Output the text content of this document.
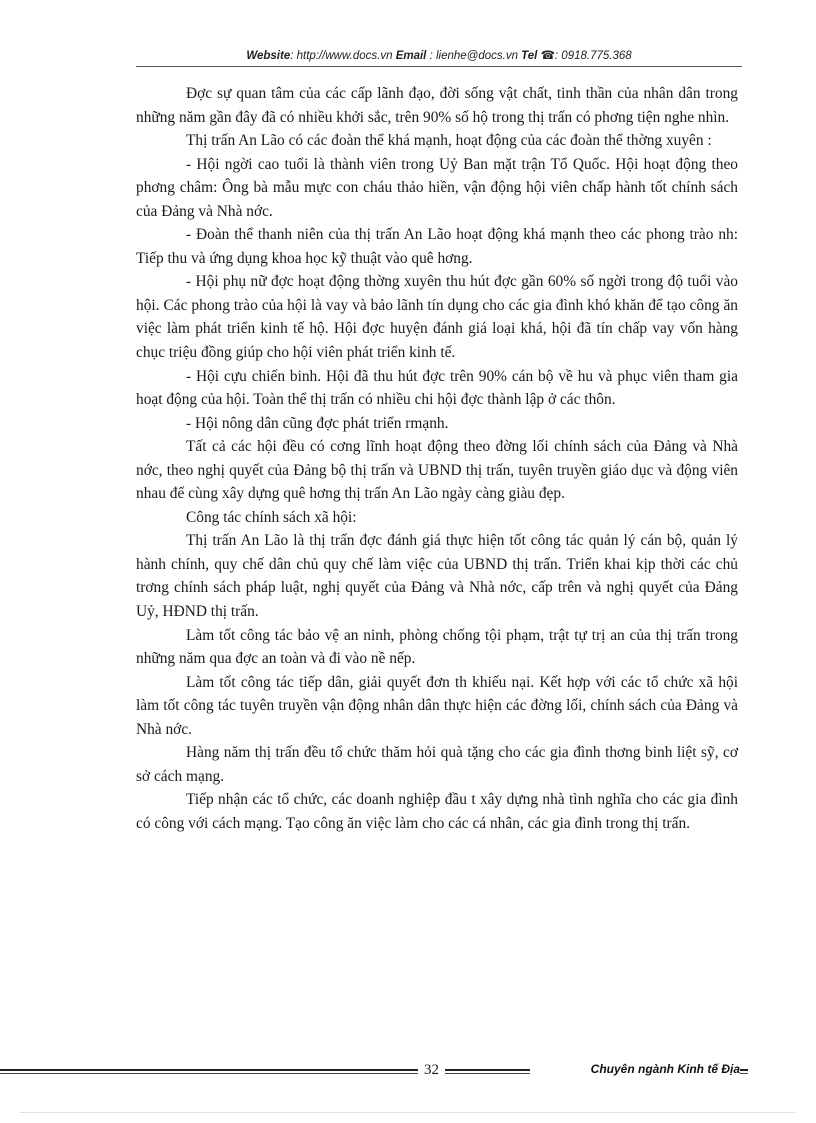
Website: http://www.docs.vn Email : lienhe@docs.vn Tel ☎: 0918.775.368

Đợc sự quan tâm của các cấp lãnh đạo, đời sống vật chất, tinh thần của nhân dân trong những năm gần đây đã có nhiều khởi sắc, trên 90% số hộ trong thị trấn có phơng tiện nghe nhìn.

Thị trấn An Lão có các đoàn thể khá mạnh, hoạt động của các đoàn thể thờng xuyên :

- Hội ngời cao tuổi là thành viên trong Uỷ Ban mặt trận Tổ Quốc. Hội hoạt động theo phơng châm: Ông bà mẫu mực con cháu thảo hiền, vận động hội viên chấp hành tốt chính sách của Đảng và Nhà nớc.

- Đoàn thể thanh niên của thị trấn An Lão hoạt động khá mạnh theo các phong trào nh: Tiếp thu và ứng dụng khoa học kỹ thuật vào quê hơng.

- Hội phụ nữ đợc hoạt động thờng xuyên thu hút đợc gần 60% số ngời trong độ tuổi vào hội. Các phong trào của hội là vay và bảo lãnh tín dụng cho các gia đình khó khăn để tạo công ăn việc làm phát triển kinh tế hộ. Hội đợc huyện đánh giá loại khá, hội đã tín chấp vay vốn hàng chục triệu đồng giúp cho hội viên phát triển kinh tế.

- Hội cựu chiến binh. Hội đã thu hút đợc trên 90% cán bộ về hu và phục viên tham gia hoạt động của hội. Toàn thể thị trấn có nhiều chi hội đợc thành lập ở các thôn.

- Hội nông dân cũng đợc phát triển rmạnh.

Tất cả các hội đều có cơng lĩnh hoạt động theo đờng lối chính sách của Đảng và Nhà nớc, theo nghị quyết của Đảng bộ thị trấn và UBND thị trấn, tuyên truyền giáo dục và động viên nhau để cùng xây dựng quê hơng thị trấn An Lão ngày càng giàu đẹp.

Công tác chính sách xã hội:

Thị trấn An Lão là thị trấn đợc đánh giá thực hiện tốt công tác quản lý cán bộ, quản lý hành chính, quy chế dân chủ quy chế làm việc của UBND thị trấn. Triển khai kịp thời các chủ trơng chính sách pháp luật, nghị quyết của Đảng và Nhà nớc, cấp trên và nghị quyết của Đảng Uỷ, HĐND thị trấn.

Làm tốt công tác bảo vệ an ninh, phòng chống tội phạm, trật tự trị an của thị trấn trong những năm qua đợc an toàn và đi vào nề nếp.

Làm tốt công tác tiếp dân, giải quyết đơn th khiếu nại. Kết hợp với các tổ chức xã hội làm tốt công tác tuyên truyền vận động nhân dân thực hiện các đờng lối, chính sách của Đảng và Nhà nớc.

Hàng năm thị trấn đều tổ chức thăm hỏi quà tặng cho các gia đình thơng binh liệt sỹ, cơ sở cách mạng.

Tiếp nhận các tổ chức, các doanh nghiệp đầu t xây dựng nhà tình nghĩa cho các gia đình có công với cách mạng. Tạo công ăn việc làm cho các cá nhân, các gia đình trong thị trấn.

32	Chuyên ngành Kinh tế Địa
